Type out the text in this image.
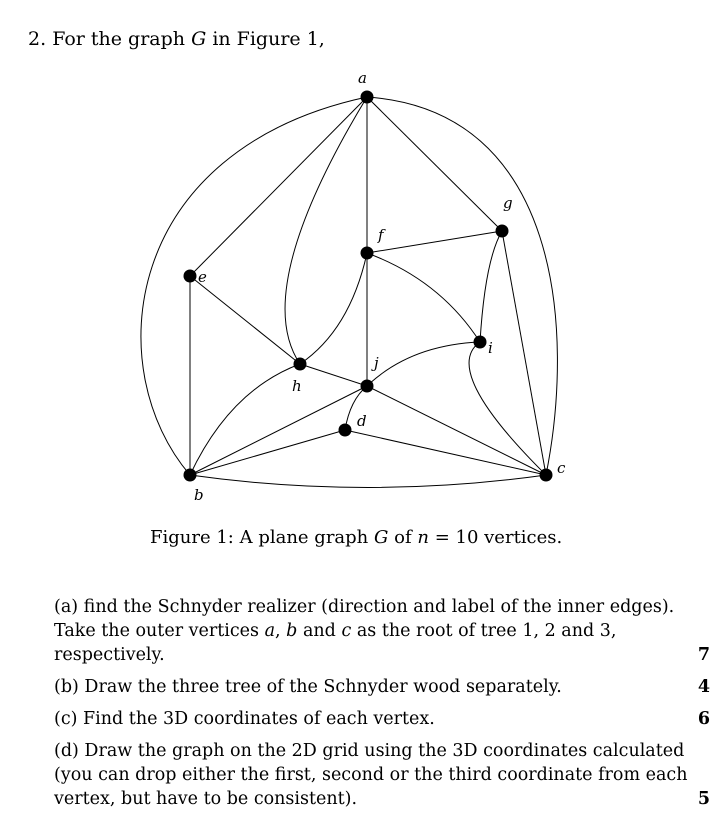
2. For the graph G in Figure 1,
a
g
f
e
i
j
h
d
c
b
Figure 1: A plane graph G of n = 10 vertices.
(a) find the Schnyder realizer (direction and label of the inner edges). Take the outer vertices a, b and c as the root of tree 1, 2 and 3, respectively.	7
(b) Draw the three tree of the Schnyder wood separately.	4
(c) Find the 3D coordinates of each vertex.	6
(d) Draw the graph on the 2D grid using the 3D coordinates calculated (you can drop either the first, second or the third coordinate from each vertex, but have to be consistent).	5
